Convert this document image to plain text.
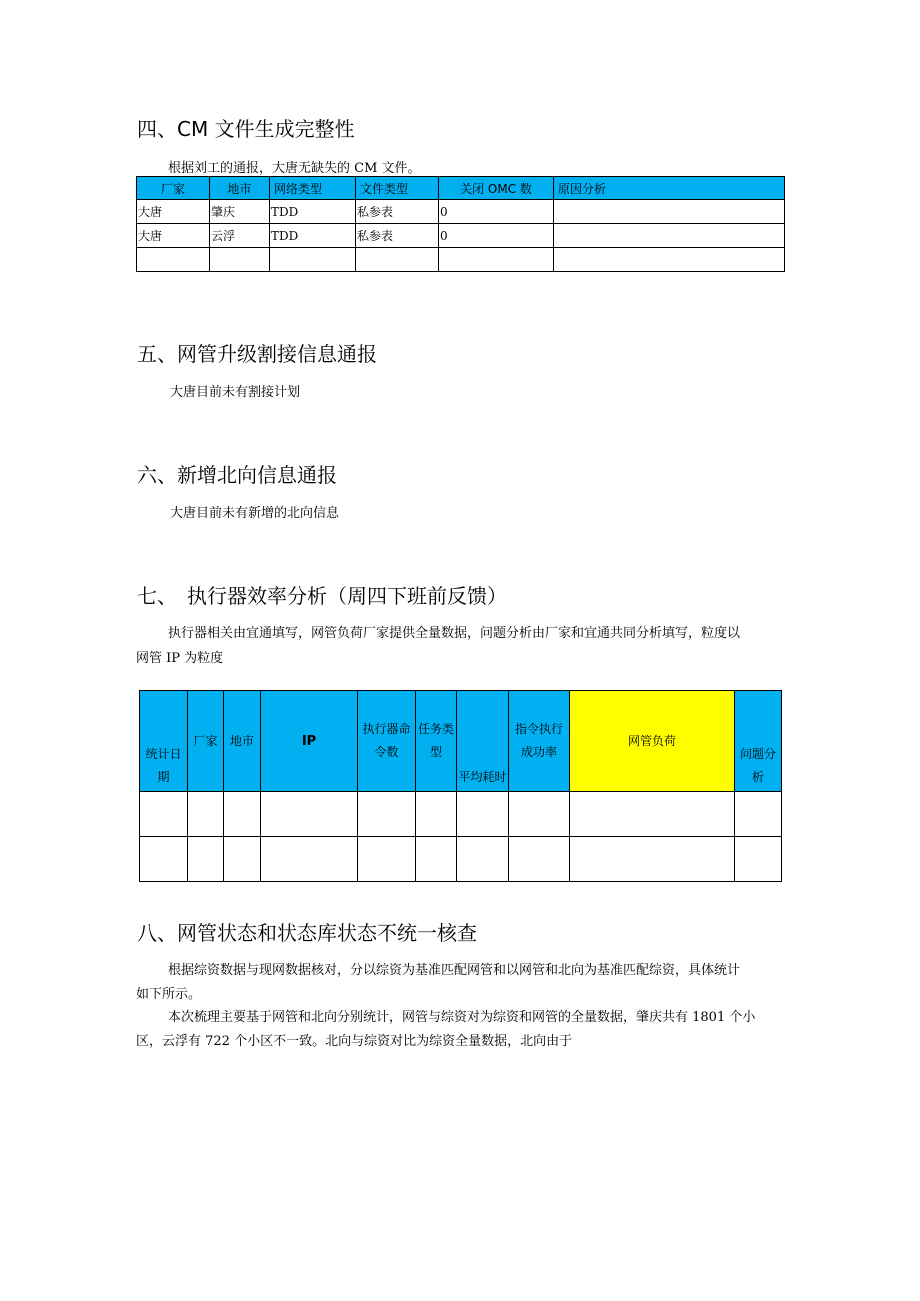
四、CM 文件生成完整性
根据刘工的通报，大唐无缺失的 CM 文件。
厂家	地市	网络类型	文件类型	关闭 OMC 数	原因分析
大唐	肇庆	TDD	私参表	0	
大唐	云浮	TDD	私参表	0	

五、网管升级割接信息通报
大唐目前未有割接计划
六、新增北向信息通报
大唐目前未有新增的北向信息
七、　执行器效率分析（周四下班前反馈）
执行器相关由宜通填写，网管负荷厂家提供全量数据，问题分析由厂家和宜通共同分析填写，粒度以
网管 IP 为粒度
统计日期	厂家	地市	IP	执行器命令数	任务类型	平均耗时	指令执行成功率	网管负荷	问题分析

八、网管状态和状态库状态不统一核查
根据综资数据与现网数据核对，分以综资为基准匹配网管和以网管和北向为基准匹配综资，具体统计
如下所示。
本次梳理主要基于网管和北向分别统计，网管与综资对为综资和网管的全量数据，肇庆共有 1801 个小
区，云浮有 722 个小区不一致。北向与综资对比为综资全量数据，北向由于
